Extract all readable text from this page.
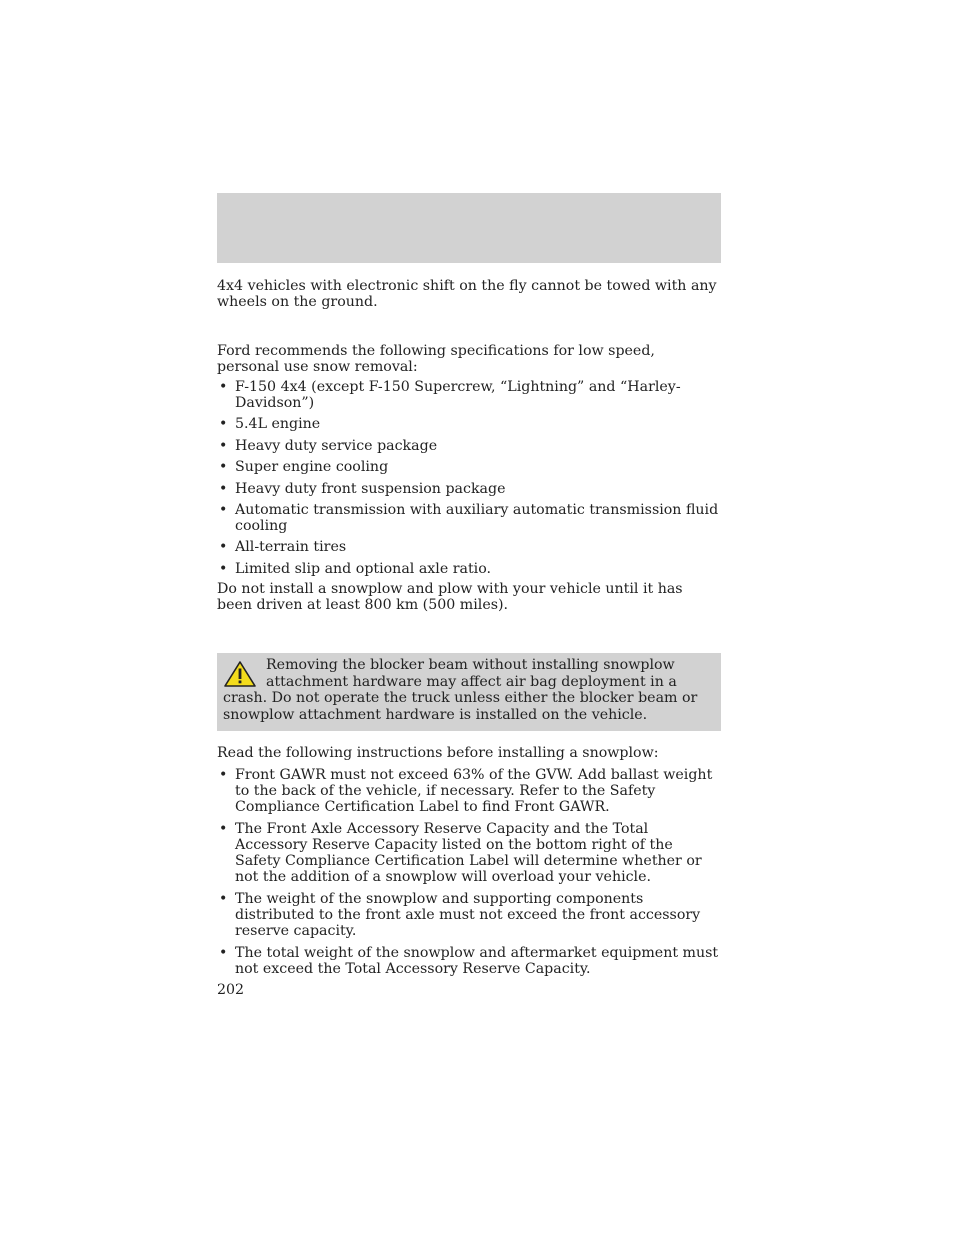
4x4 vehicles with electronic shift on the fly cannot be towed with any wheels on the ground.

Ford recommends the following specifications for low speed, personal use snow removal:

• F-150 4x4 (except F-150 Supercrew, “Lightning” and “Harley-Davidson”)
• 5.4L engine
• Heavy duty service package
• Super engine cooling
• Heavy duty front suspension package
• Automatic transmission with auxiliary automatic transmission fluid cooling
• All-terrain tires
• Limited slip and optional axle ratio.

Do not install a snowplow and plow with your vehicle until it has been driven at least 800 km (500 miles).

Removing the blocker beam without installing snowplow attachment hardware may affect air bag deployment in a crash. Do not operate the truck unless either the blocker beam or snowplow attachment hardware is installed on the vehicle.

Read the following instructions before installing a snowplow:

• Front GAWR must not exceed 63% of the GVW. Add ballast weight to the back of the vehicle, if necessary. Refer to the Safety Compliance Certification Label to find Front GAWR.
• The Front Axle Accessory Reserve Capacity and the Total Accessory Reserve Capacity listed on the bottom right of the Safety Compliance Certification Label will determine whether or not the addition of a snowplow will overload your vehicle.
• The weight of the snowplow and supporting components distributed to the front axle must not exceed the front accessory reserve capacity.
• The total weight of the snowplow and aftermarket equipment must not exceed the Total Accessory Reserve Capacity.
202
